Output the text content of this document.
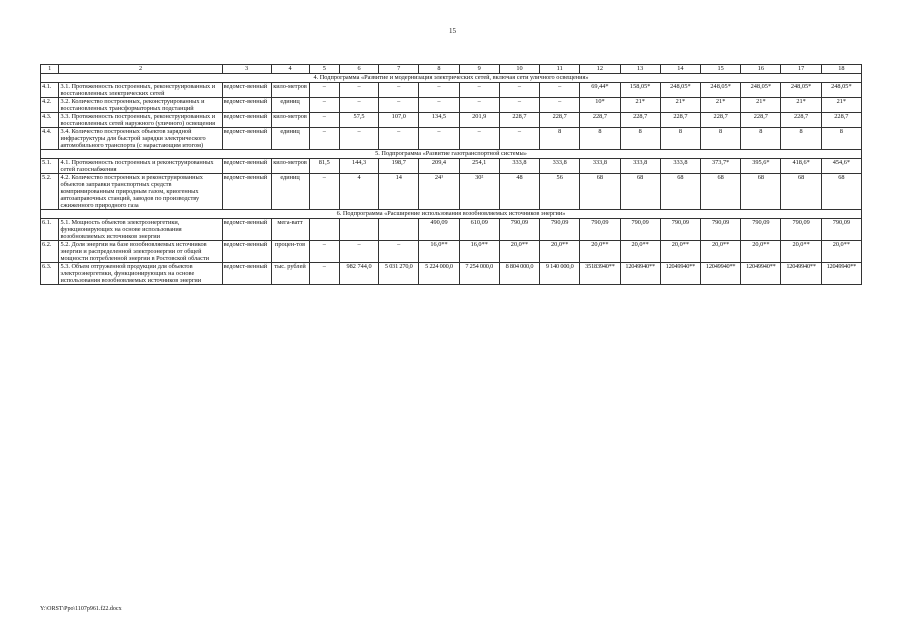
15
1	2	3	4	5	6	7	8	9	10	11	12	13	14	15	16	17	18
4. Подпрограмма «Развитие и модернизация электрических сетей, включая сети уличного освещения»																	
4.1.	3.1. Протяженность построенных, реконструированных и восстановленных электрических сетей	ведомст-венный	кило-метров	–	–	–	–	–	–	–	69,44*	158,05*	248,05*	248,05*	248,05*	248,05*	248,05*
4.2.	3.2. Количество построенных, реконструированных и восстановленных трансформаторных подстанций	ведомст-венный	единиц	–	–	–	–	–	–	–	10*	21*	21*	21*	21*	21*	21*
4.3.	3.3. Протяженность построенных, реконструированных и восстановленных сетей наружного (уличного) освещения	ведомст-венный	кило-метров	–	57,5	107,0	134,5	201,9	228,7	228,7	228,7	228,7	228,7	228,7	228,7	228,7	228,7
4.4.	3.4. Количество построенных объектов зарядной инфраструктуры для быстрой зарядки электрического автомобильного транспорта (с нарастающим итогом)	ведомст-венный	единиц	–	–	–	–	–	–	8	8	8	8	8	8	8	8
5. Подпрограмма «Развитие газотранспортной системы»																	
5.1.	4.1. Протяженность построенных и реконструированных сетей газоснабжения	ведомст-венный	кило-метров	81,5	144,3	198,7	209,4	254,1	333,8	333,8	333,8	333,8	333,8	373,7*	395,6*	418,6*	454,6*
5.2.	4.2. Количество построенных и реконструированных объектов заправки транспортных средств компримированным природным газом, криогенных автозаправочных станций, заводов по производству сжиженного природного газа	ведомст-венный	единиц	–	4	14	24¹	30²	48	56	68	68	68	68	68	68	68
6. Подпрограмма «Расширение использования возобновляемых источников энергии»																	
6.1.	5.1. Мощность объектов электроэнергетики, функционирующих на основе использования возобновляемых источников энергии	ведомст-венный	мега-ватт				490,09	610,09	790,09	790,09	790,09	790,09	790,09	790,09	790,09	790,09	790,09
6.2.	5.2. Доля энергии на базе возобновляемых источников энергии и распределенной электроэнергии от общей мощности потребленной энергии в Ростовской области	ведомст-венный	процен-тов	–	–	–	16,0**	16,0**	20,0**	20,0**	20,0**	20,0**	20,0**	20,0**	20,0**	20,0**	20,0**
6.3.	5.3. Объем отгруженной продукции для объектов электроэнергетики, функционирующих на основе использования возобновляемых источников энергии	ведомст-венный	тыс. рублей	–	982 744,0	5 031 270,0	5 224 000,0	7 254 000,0	8 804 000,0	9 140 000,0	35183940**	12049940**	12049940**	12049940**	12049940**	12049940**	12049940**
Y:\ORST\Ppo\1107p961.f22.docx
